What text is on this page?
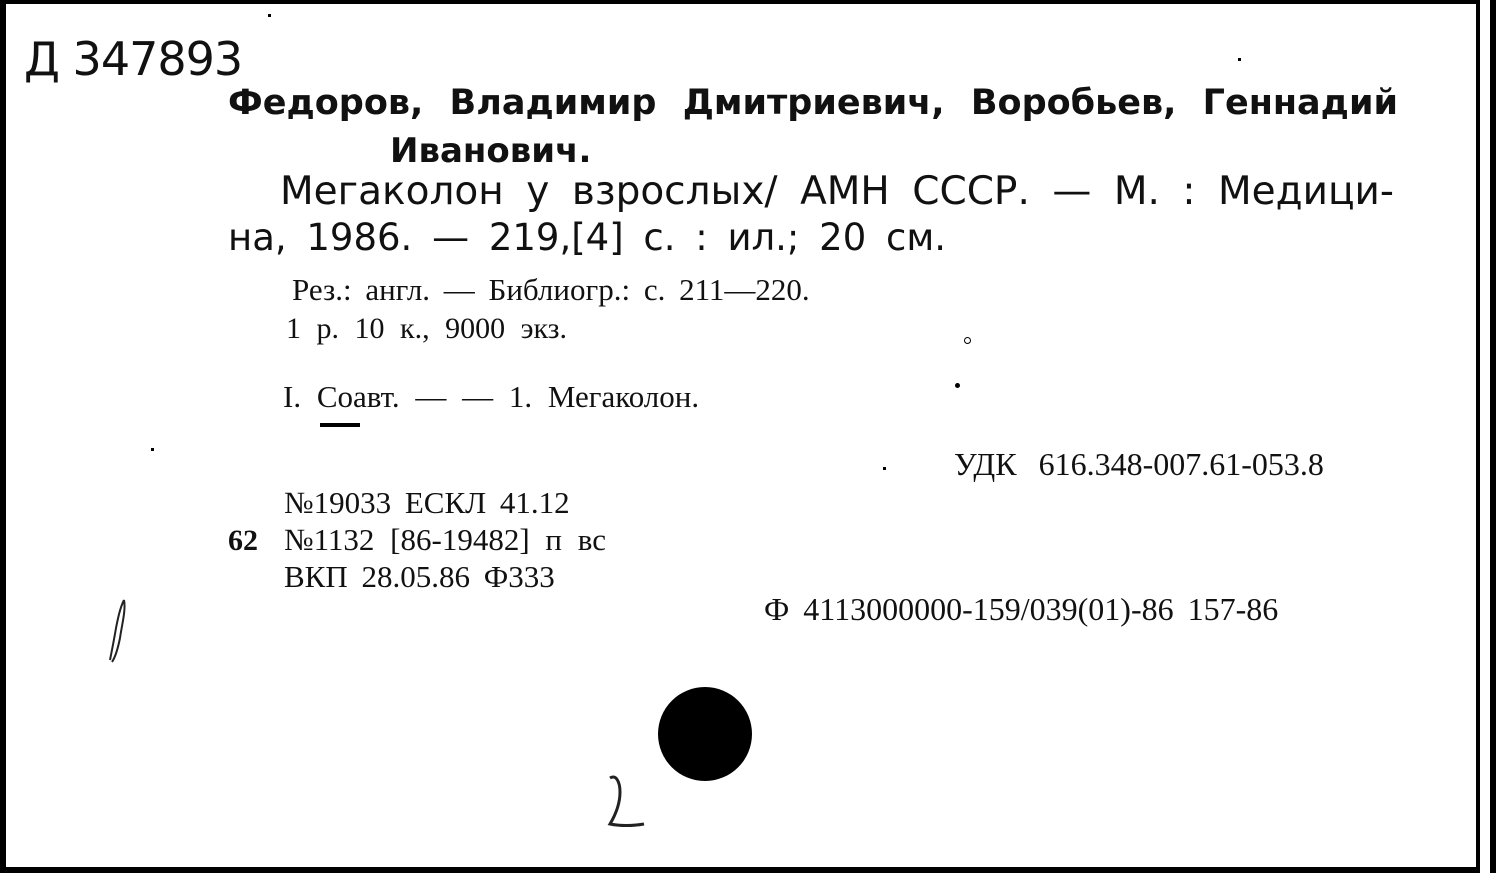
Д 347893
Федоров, Владимир Дмитриевич, Воробьев, Геннадий
Иванович.
Мегаколон у взрослых/ АМН СССР. — М. : Медици-
на, 1986. — 219,[4] с. : ил.; 20 см.
Рез.: англ. — Библиогр.: с. 211—220.
1 р. 10 к., 9000 экз.
I. Соавт. — — 1. Мегаколон.
УДК 616.348-007.61-053.8
№19033 ЕСКЛ 41.12
62 №1132 [86-19482] п вс
ВКП 28.05.86 Ф333
Ф 4113000000-159/039(01)-86 157-86
